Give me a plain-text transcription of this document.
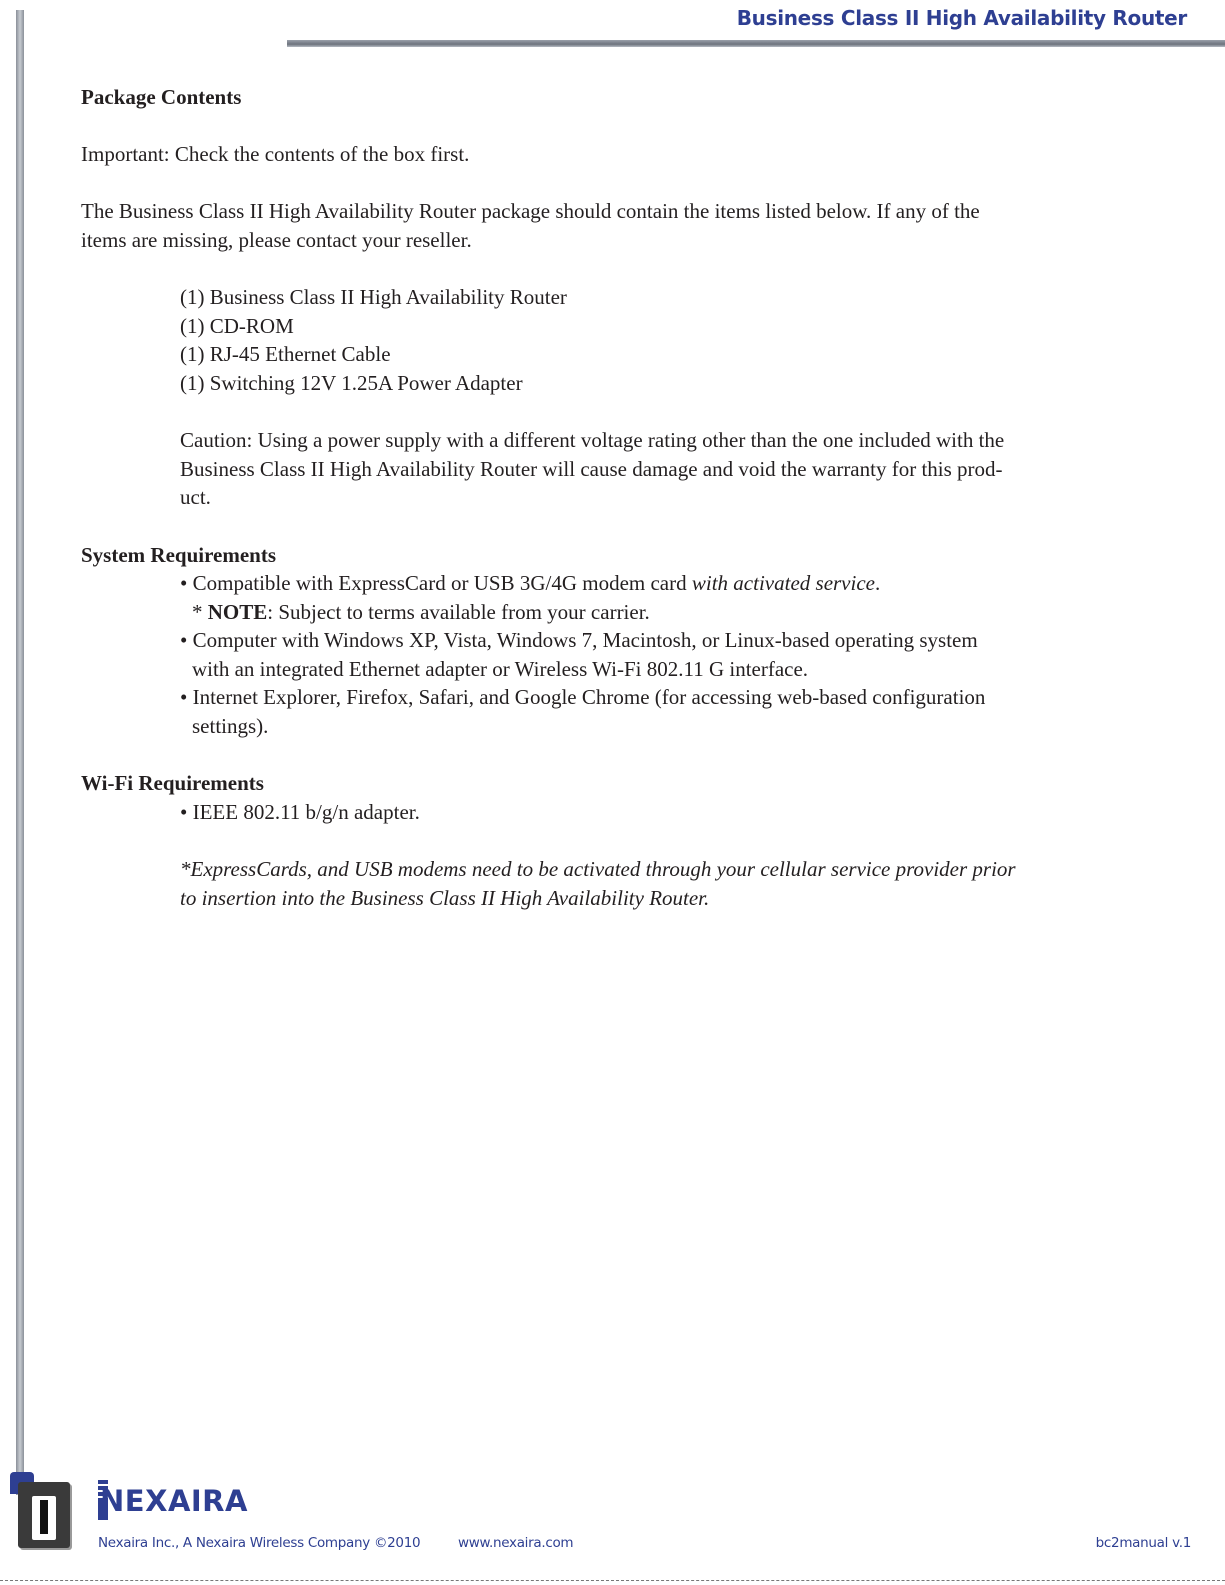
Business Class II High Availability Router
Package Contents

Important: Check the contents of the box first.

The Business Class II High Availability Router package should contain the items listed below. If any of the

items are missing, please contact your reseller.

(1) Business Class II High Availability Router

(1) CD-ROM

(1) RJ-45 Ethernet Cable

(1) Switching 12V 1.25A Power Adapter

Caution: Using a power supply with a different voltage rating other than the one included with the

Business Class II High Availability Router will cause damage and void the warranty for this prod-

uct.

System Requirements

• Compatible with ExpressCard or USB 3G/4G modem card with activated service.

* NOTE: Subject to terms available from your carrier.

• Computer with Windows XP, Vista, Windows 7, Macintosh, or Linux-based operating system
with an integrated Ethernet adapter or Wireless Wi-Fi 802.11 G interface.

• Internet Explorer, Firefox, Safari, and Google Chrome (for accessing web-based configuration
settings).

Wi-Fi Requirements

• IEEE 802.11 b/g/n adapter.

*ExpressCards, and USB modems need to be activated through your cellular service provider prior

to insertion into the Business Class II High Availability Router.

NEXAIRA

Nexaira Inc., A Nexaira Wireless Company ©2010	www.nexaira.com	bc2manual v.1
